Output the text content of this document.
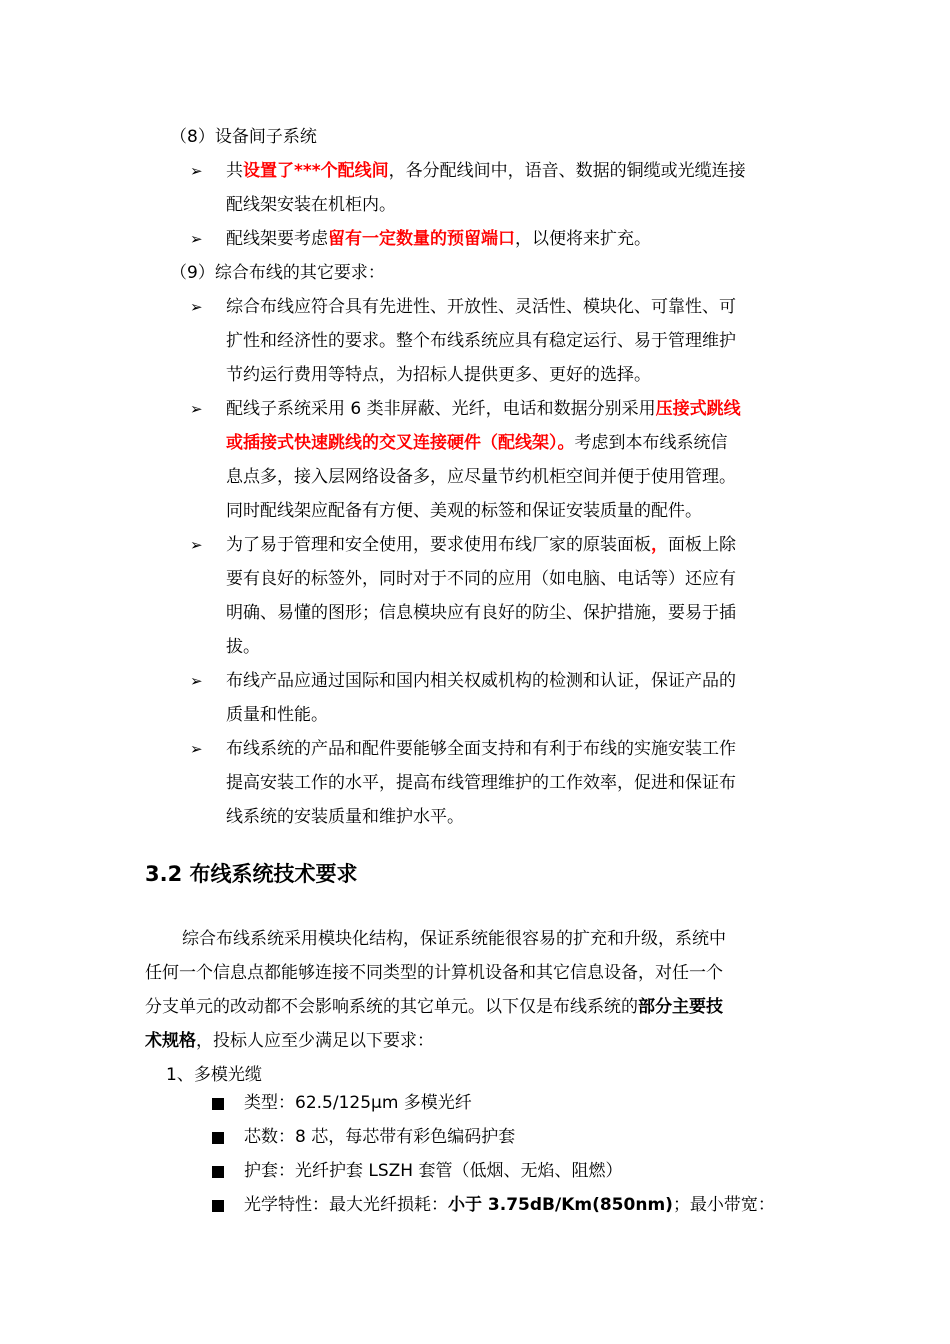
（8）设备间子系统
➢ 共设置了***个配线间，各分配线间中，语音、数据的铜缆或光缆连接
配线架安装在机柜内。
➢ 配线架要考虑留有一定数量的预留端口，以便将来扩充。
（9）综合布线的其它要求：
➢ 综合布线应符合具有先进性、开放性、灵活性、模块化、可靠性、可
扩性和经济性的要求。整个布线系统应具有稳定运行、易于管理维护
节约运行费用等特点，为招标人提供更多、更好的选择。
➢ 配线子系统采用 6 类非屏蔽、光纤，电话和数据分别采用压接式跳线
或插接式快速跳线的交叉连接硬件（配线架）。考虑到本布线系统信
息点多，接入层网络设备多，应尽量节约机柜空间并便于使用管理。
同时配线架应配备有方便、美观的标签和保证安装质量的配件。
➢ 为了易于管理和安全使用，要求使用布线厂家的原装面板，面板上除
要有良好的标签外，同时对于不同的应用（如电脑、电话等）还应有
明确、易懂的图形；信息模块应有良好的防尘、保护措施，要易于插
拔。
➢ 布线产品应通过国际和国内相关权威机构的检测和认证，保证产品的
质量和性能。
➢ 布线系统的产品和配件要能够全面支持和有利于布线的实施安装工作
提高安装工作的水平，提高布线管理维护的工作效率，促进和保证布
线系统的安装质量和维护水平。
3.2 布线系统技术要求
综合布线系统采用模块化结构，保证系统能很容易的扩充和升级，系统中
任何一个信息点都能够连接不同类型的计算机设备和其它信息设备，对任一个
分支单元的改动都不会影响系统的其它单元。以下仅是布线系统的部分主要技
术规格，投标人应至少满足以下要求：
1、多模光缆
类型：62.5/125μm 多模光纤
芯数：8 芯，每芯带有彩色编码护套
护套：光纤护套 LSZH 套管（低烟、无焰、阻燃）
光学特性：最大光纤损耗：小于 3.75dB/Km(850nm)；最小带宽：
